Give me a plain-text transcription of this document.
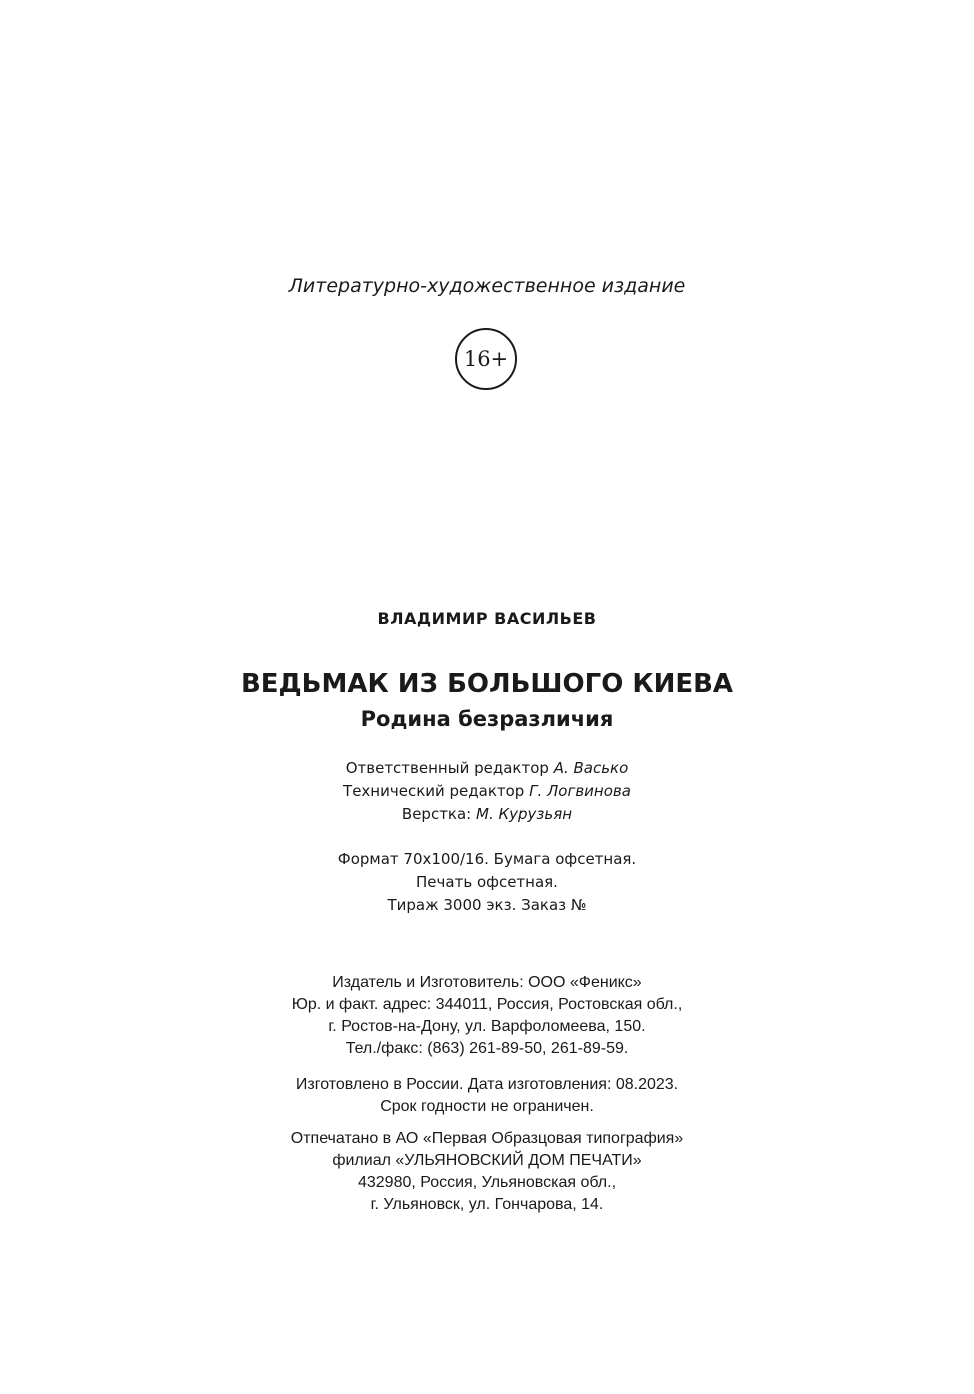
Литературно-художественное издание

16+

ВЛАДИМИР ВАСИЛЬЕВ

ВЕДЬМАК ИЗ БОЛЬШОГО КИЕВА

Родина безразличия

Ответственный редактор А. Васько

Технический редактор Г. Логвинова

Верстка: М. Курузьян

Формат 70x100/16. Бумага офсетная.

Печать офсетная.

Тираж 3000 экз. Заказ №

Издатель и Изготовитель: ООО «Феникс»

Юр. и факт. адрес: 344011, Россия, Ростовская обл.,

г. Ростов-на-Дону, ул. Варфоломеева, 150.

Тел./факс: (863) 261-89-50, 261-89-59.

Изготовлено в России. Дата изготовления: 08.2023.

Срок годности не ограничен.

Отпечатано в АО «Первая Образцовая типография»

филиал «УЛЬЯНОВСКИЙ ДОМ ПЕЧАТИ»

432980, Россия, Ульяновская обл.,

г. Ульяновск, ул. Гончарова, 14.
